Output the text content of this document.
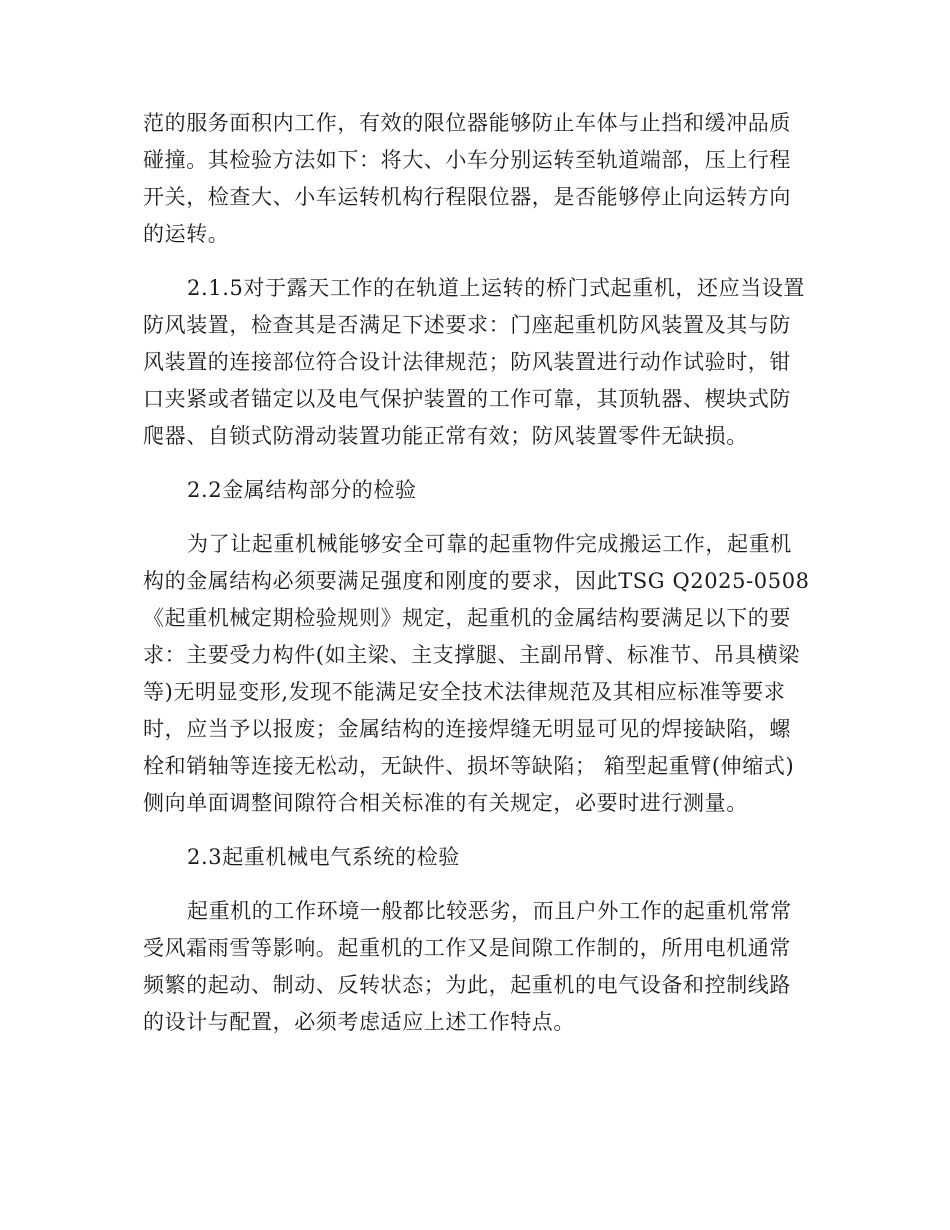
范的服务面积内工作，有效的限位器能够防止车体与止挡和缓冲品质
碰撞。其检验方法如下：将大、小车分别运转至轨道端部，压上行程
开关，检查大、小车运转机构行程限位器，是否能够停止向运转方向
的运转。

2.1.5对于露天工作的在轨道上运转的桥门式起重机，还应当设置
防风装置，检查其是否满足下述要求：门座起重机防风装置及其与防
风装置的连接部位符合设计法律规范；防风装置进行动作试验时，钳
口夹紧或者锚定以及电气保护装置的工作可靠，其顶轨器、楔块式防
爬器、自锁式防滑动装置功能正常有效；防风装置零件无缺损。

2.2金属结构部分的检验

为了让起重机械能够安全可靠的起重物件完成搬运工作，起重机
构的金属结构必须要满足强度和刚度的要求，因此TSG Q2025-0508
《起重机械定期检验规则》规定，起重机的金属结构要满足以下的要
求：主要受力构件(如主梁、主支撑腿、主副吊臂、标准节、吊具横梁
等)无明显变形,发现不能满足安全技术法律规范及其相应标准等要求
时，应当予以报废；金属结构的连接焊缝无明显可见的焊接缺陷，螺
栓和销轴等连接无松动，无缺件、损坏等缺陷； 箱型起重臂(伸缩式)
侧向单面调整间隙符合相关标准的有关规定，必要时进行测量。

2.3起重机械电气系统的检验

起重机的工作环境一般都比较恶劣，而且户外工作的起重机常常
受风霜雨雪等影响。起重机的工作又是间隙工作制的，所用电机通常
频繁的起动、制动、反转状态；为此，起重机的电气设备和控制线路
的设计与配置，必须考虑适应上述工作特点。
